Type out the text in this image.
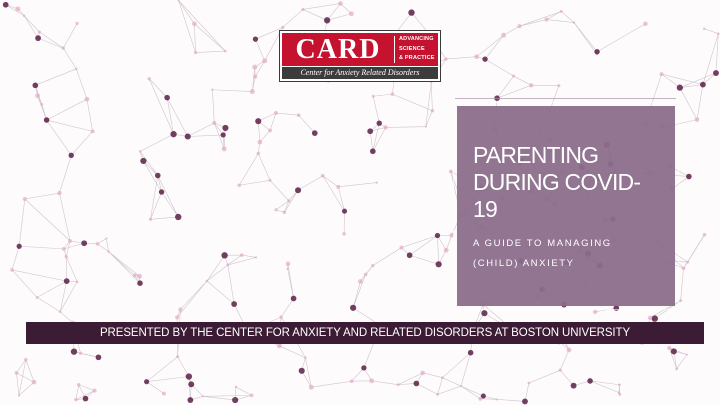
CARD	ADVANCING
SCIENCE
& PRACTICE
Center for Anxiety Related Disorders
PARENTING
DURING COVID-
19
A GUIDE TO MANAGING
(CHILD) ANXIETY
PRESENTED BY THE CENTER FOR ANXIETY AND RELATED DISORDERS AT BOSTON UNIVERSITY
